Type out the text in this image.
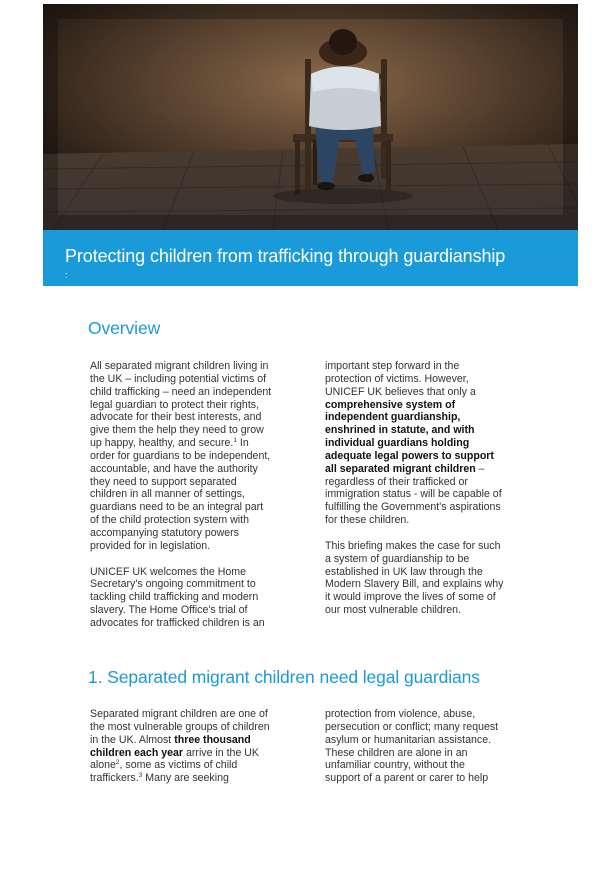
Protecting children from trafficking through guardianship
:
Overview
All separated migrant children living in
the UK – including potential victims of
child trafficking – need an independent
legal guardian to protect their rights,
advocate for their best interests, and
give them the help they need to grow
up happy, healthy, and secure.$^1$ In
order for guardians to be independent,
accountable, and have the authority
they need to support separated
children in all manner of settings,
guardians need to be an integral part
of the child protection system with
accompanying statutory powers
provided for in legislation.
UNICEF UK welcomes the Home
Secretary's ongoing commitment to
tackling child trafficking and modern
slavery. The Home Office's trial of
advocates for trafficked children is an
important step forward in the
protection of victims. However,
UNICEF UK believes that only a
comprehensive system of
independent guardianship,
enshrined in statute, and with
individual guardians holding
adequate legal powers to support
all separated migrant children –
regardless of their trafficked or
immigration status - will be capable of
fulfilling the Government's aspirations
for these children.
This briefing makes the case for such
a system of guardianship to be
established in UK law through the
Modern Slavery Bill, and explains why
it would improve the lives of some of
our most vulnerable children.
1. Separated migrant children need legal guardians
Separated migrant children are one of
the most vulnerable groups of children
in the UK. Almost three thousand
children each year arrive in the UK
alone$^2$, some as victims of child
traffickers.$^3$ Many are seeking
protection from violence, abuse,
persecution or conflict; many request
asylum or humanitarian assistance.
These children are alone in an
unfamiliar country, without the
support of a parent or carer to help
